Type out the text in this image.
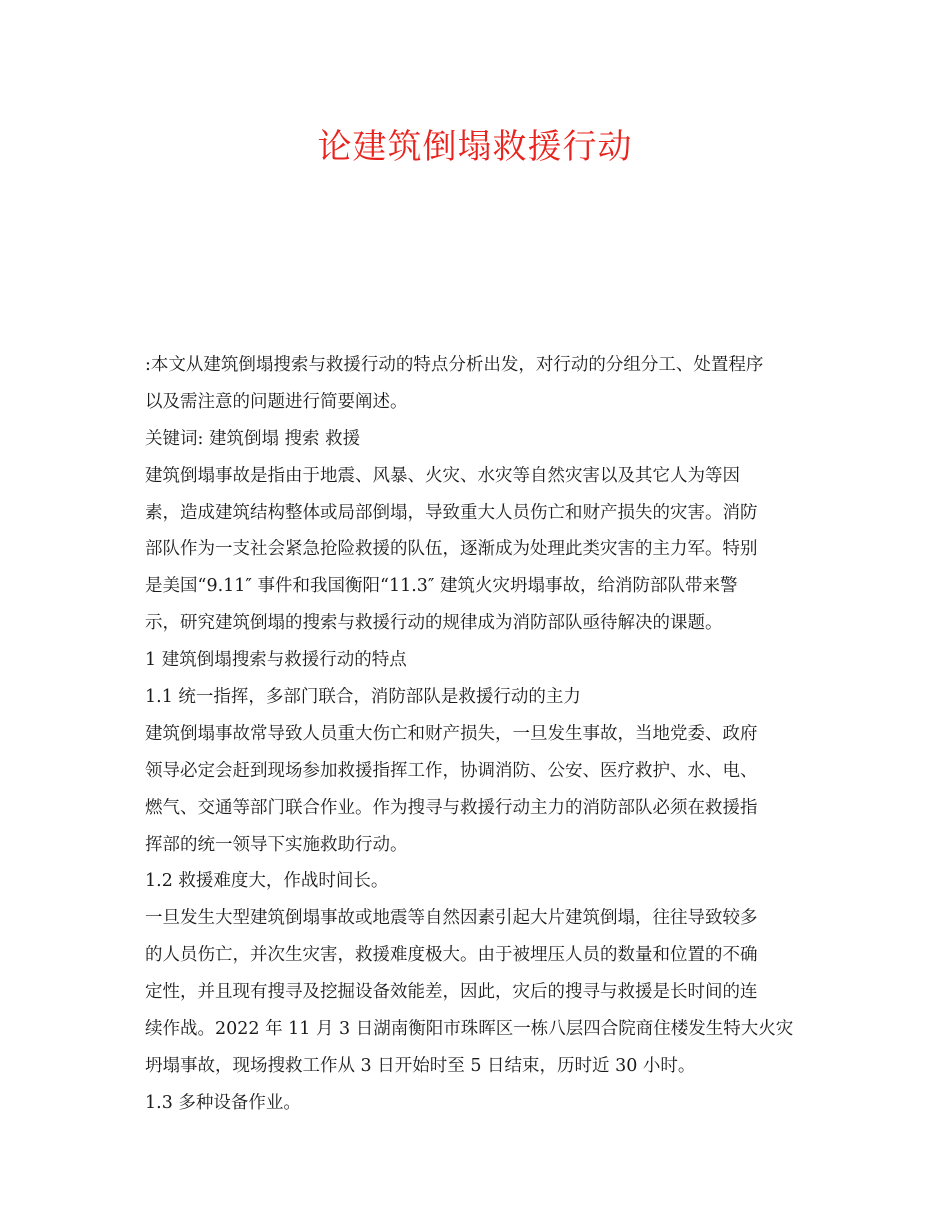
论建筑倒塌救援行动

:本文从建筑倒塌搜索与救援行动的特点分析出发，对行动的分组分工、处置程序

以及需注意的问题进行简要阐述。

关键词: 建筑倒塌 搜索 救援

建筑倒塌事故是指由于地震、风暴、火灾、水灾等自然灾害以及其它人为等因

素，造成建筑结构整体或局部倒塌，导致重大人员伤亡和财产损失的灾害。消防

部队作为一支社会紧急抢险救援的队伍，逐渐成为处理此类灾害的主力军。特别

是美国“9.11″ 事件和我国衡阳“11.3″ 建筑火灾坍塌事故，给消防部队带来警

示，研究建筑倒塌的搜索与救援行动的规律成为消防部队亟待解决的课题。

1 建筑倒塌搜索与救援行动的特点

1.1 统一指挥，多部门联合，消防部队是救援行动的主力

建筑倒塌事故常导致人员重大伤亡和财产损失，一旦发生事故，当地党委、政府

领导必定会赶到现场参加救援指挥工作，协调消防、公安、医疗救护、水、电、

燃气、交通等部门联合作业。作为搜寻与救援行动主力的消防部队必须在救援指

挥部的统一领导下实施救助行动。

1.2 救援难度大，作战时间长。

一旦发生大型建筑倒塌事故或地震等自然因素引起大片建筑倒塌，往往导致较多

的人员伤亡，并次生灾害，救援难度极大。由于被埋压人员的数量和位置的不确

定性，并且现有搜寻及挖掘设备效能差，因此，灾后的搜寻与救援是长时间的连

续作战。2022 年 11 月 3 日湖南衡阳市珠晖区一栋八层四合院商住楼发生特大火灾

坍塌事故，现场搜救工作从 3 日开始时至 5 日结束，历时近 30 小时。

1.3 多种设备作业。
